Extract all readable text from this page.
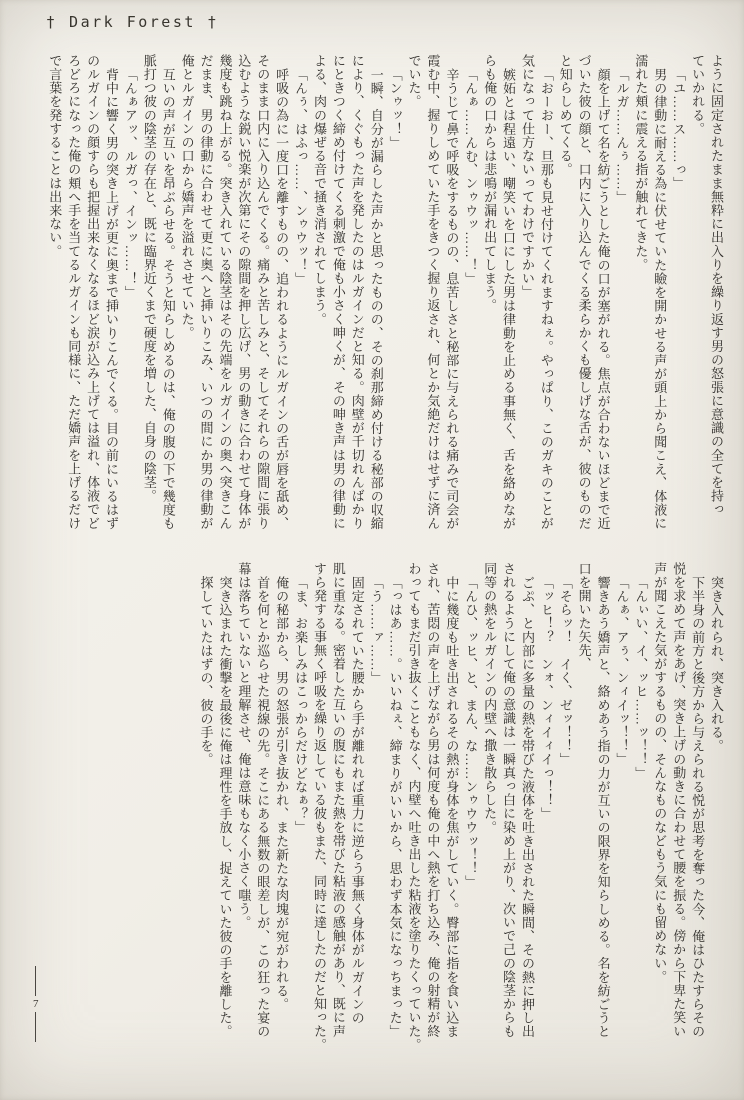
† Dark Forest †
ように固定されたまま無粋に出入りを繰り返す男の怒張に意識の全てを持っ
ていかれる。
「ユ……ス……っ」
男の律動に耐える為に伏せていた瞼を開かせる声が頭上から聞こえ、体液に
濡れた頬に震える指が触れてきた。
「ルガ……んぅ……」
顔を上げて名を紡ごうとした俺の口が塞がれる。焦点が合わないほどまで近
づいた彼の顔と、口内に入り込んでくる柔らかくも優しげな舌が、彼のものだ
と知らしめてくる。
「おーおー、旦那も見せ付けてくれますねぇ。やっぱり、このガキのことが
気になって仕方ないってわけですかい」
嫉妬とは程遠い、嘲笑いを口にした男は律動を止める事無く、舌を絡めなが
らも俺の口からは悲鳴が漏れ出てしまう。
「んぁ……んむ、ンゥウッ……！」
辛うじて鼻で呼吸をするものの、息苦しさと秘部に与えられる痛みで司会が
霞む中、握りしめていた手をきつく握り返され、何とか気絶だけはせずに済ん
でいた。
「ンゥッ！」
一瞬、自分が漏らした声かと思ったものの、その刹那締め付ける秘部の収縮
により、くぐもった声を発したのはルガインだと知る。肉壁が千切れんばかり
にときつく締め付けてくる刺激で俺も小さく呻くが、その呻き声は男の律動に
よる、肉の爆ぜる音で掻き消されてしまう。
「んぅ、はふっ……、ンゥウッ！」
呼吸の為に一度口を離すものの、追われるようにルガインの舌が唇を舐め、
そのまま口内に入り込んでくる。痛みと苦しみと、そしてそれらの隙間に張り
込むような鋭い悦楽が次第にその隙間を押し広げ、男の動きに合わせて身体が
幾度も跳ね上がる。突き入れている陰茎はその先端をルガインの奥へ突きこん
だまま、男の律動に合わせて更に奥へと挿いりこみ、いつの間にか男の律動が
俺とルガインの口から嬌声を溢れさせていた。
互いの声が互いを昂ぶらせる。そうと知らしめるのは、俺の腹の下で幾度も
脈打つ彼の陰茎の存在と、既に臨界近くまで硬度を増した、自身の陰茎。
「んぁアッ、ルガっ、インッ……！」
背中に響く男の突き上げが更に奥まで挿いりこんでくる。目の前にいるはず
のルガインの顔すらも把握出来なくなるほど涙が込み上げては溢れ、体液でど
ろどろになった俺の頬へ手を当てるルガインも同様に、ただ嬌声を上げるだけ
で言葉を発することは出来ない。
突き入れられ、突き入れる。
下半身の前方と後方から与えられる悦が思考を奪った今、俺はひたすらその
悦を求めて声をあげ、突き上げの動きに合わせて腰を振る。傍から下卑た笑い
声が聞こえた気がするものの、そんなものなどもう気にも留めない。
「んぃい、イ、ッヒ……ッ！！」
「んぁ、アぅ、ンィイッ！！」
響きあう嬌声と、絡めあう指の力が互いの限界を知らしめる。名を紡ごうと
口を開いた矢先、
「そらッ！　イく、ゼッ！！」
「ッヒ！？　ンォ、ンィイィイっ！！」
ごぷ、と内部に多量の熱を帯びた液体を吐き出された瞬間、その熱に押し出
されるようにして俺の意識は一瞬真っ白に染め上がり、次いで己の陰茎からも
同等の熱をルガインの内壁へ撒き散らした。
「んひ、ッヒ、と、まん、な……ンゥウウッ！！」
中に幾度も吐き出されるその熱が身体を焦がしていく。臀部に指を食い込ま
され、苦悶の声を上げながら男は何度も俺の中へ熱を打ち込み、俺の射精が終
わってもまだ引き抜くこともなく、内壁へ吐き出した粘液を塗りたくっていた。
「っはあ……。いいねぇ、締まりがいいから、思わず本気になっちまった」
「う……ァ……」
固定されていた腰から手が離れれば重力に逆らう事無く身体がルガインの
肌に重なる。密着した互いの腹にもまた熱を帯びた粘液の感触があり、既に声
すら発する事無く呼吸を繰り返している彼もまた、同時に達したのだと知った。
「ま、お楽しみはこっからだけどなぁ？」
俺の秘部から、男の怒張が引き抜かれ、また新たな肉塊が宛がわれる。
首を何とか巡らせた視線の先。そこにある無数の眼差しが、この狂った宴の
幕は落ちていないと理解させ、俺は意味もなく小さく嗤う。
突き込まれた衝撃を最後に俺は理性を手放し、捉えていた彼の手を離した。
探していたはずの、彼の手を。
7
